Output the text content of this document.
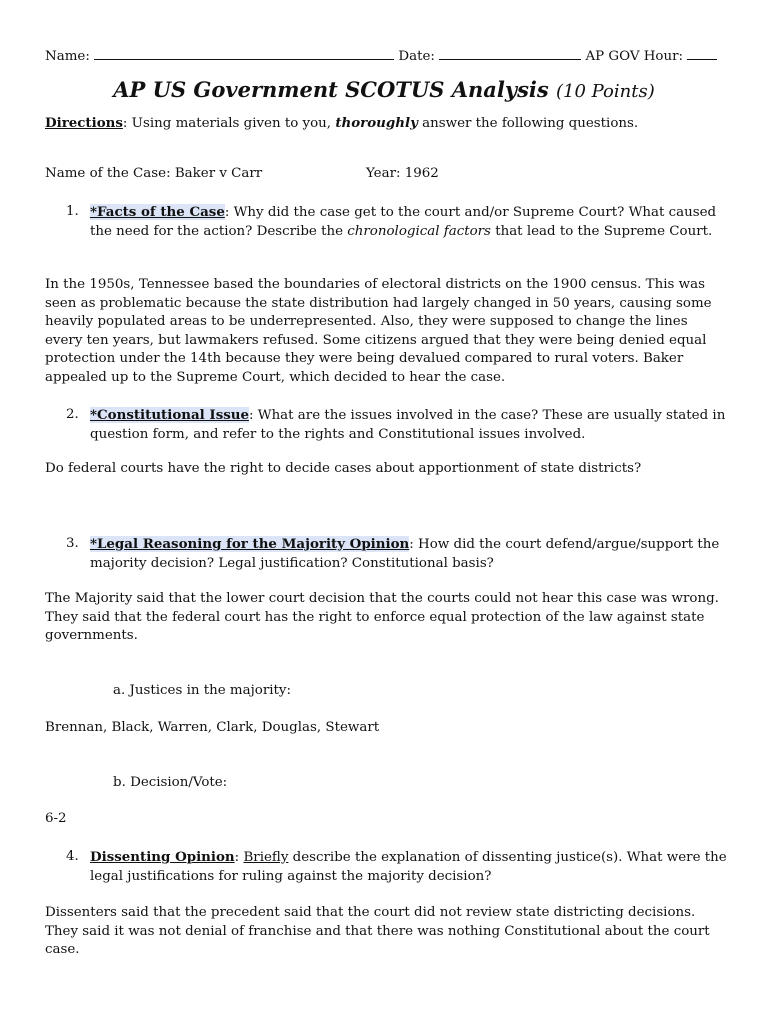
Name:	Date:	AP GOV Hour:
AP US Government SCOTUS Analysis (10 Points)
Directions: Using materials given to you, thoroughly answer the following questions.
Name of the Case: Baker v Carr	Year: 1962
1. *Facts of the Case: Why did the case get to the court and/or Supreme Court? What caused the need for the action? Describe the chronological factors that lead to the Supreme Court.
In the 1950s, Tennessee based the boundaries of electoral districts on the 1900 census. This was seen as problematic because the state distribution had largely changed in 50 years, causing some heavily populated areas to be underrepresented. Also, they were supposed to change the lines every ten years, but lawmakers refused. Some citizens argued that they were being denied equal protection under the 14th because they were being devalued compared to rural voters. Baker appealed up to the Supreme Court, which decided to hear the case.
2. *Constitutional Issue: What are the issues involved in the case? These are usually stated in question form, and refer to the rights and Constitutional issues involved.
Do federal courts have the right to decide cases about apportionment of state districts?
3. *Legal Reasoning for the Majority Opinion: How did the court defend/argue/support the majority decision? Legal justification? Constitutional basis?
The Majority said that the lower court decision that the courts could not hear this case was wrong. They said that the federal court has the right to enforce equal protection of the law against state governments.
a. Justices in the majority:
Brennan, Black, Warren, Clark, Douglas, Stewart
b. Decision/Vote:
6-2
4. Dissenting Opinion: Briefly describe the explanation of dissenting justice(s). What were the legal justifications for ruling against the majority decision?
Dissenters said that the precedent said that the court did not review state districting decisions. They said it was not denial of franchise and that there was nothing Constitutional about the court case.
